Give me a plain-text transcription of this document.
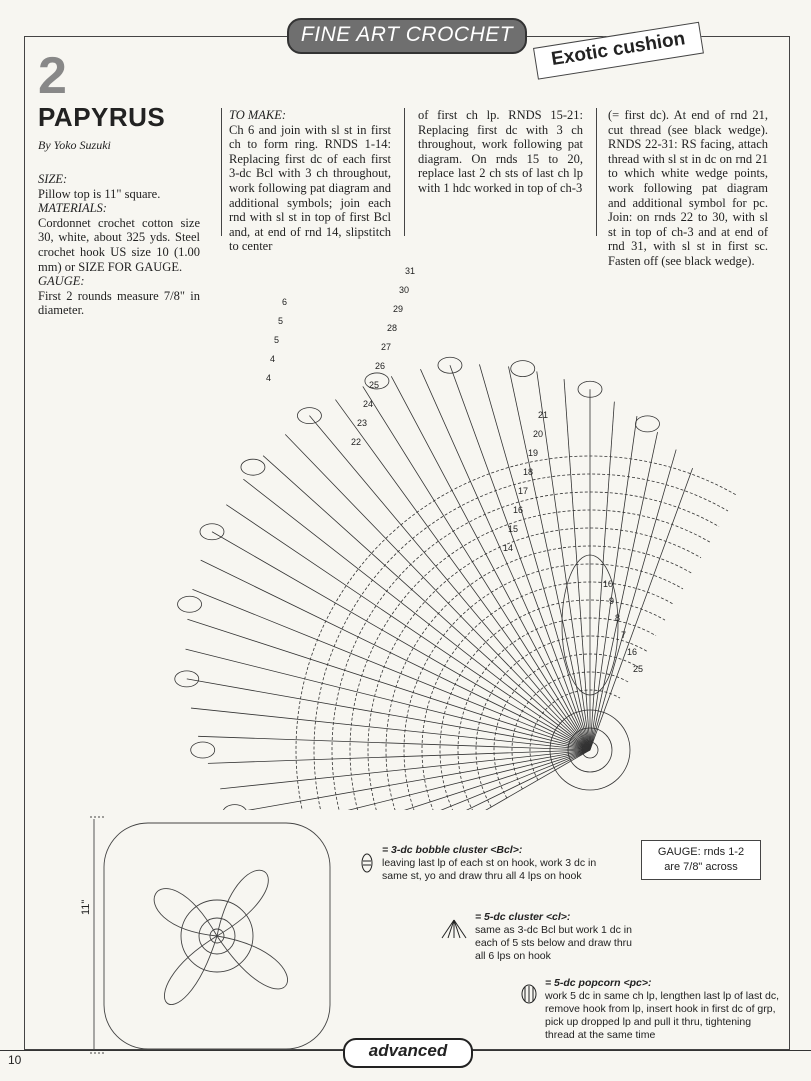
FINE ART CROCHET	Exotic cushion
2
PAPYRUS
By Yoko Suzuki
SIZE:
Pillow top is 11" square.
MATERIALS:
Cordonnet crochet cotton size 30, white, about 325 yds. Steel crochet hook US size 10 (1.00 mm) or SIZE FOR GAUGE.
GAUGE:
First 2 rounds measure 7/8" in diameter.
TO MAKE:
Ch 6 and join with sl st in first ch to form ring. RNDS 1-14: Replacing first dc of each first 3-dc Bcl with 3 ch throughout, work following pat diagram and additional symbols; join each rnd with sl st in top of first Bcl and, at end of rnd 14, slipstitch to center
of first ch lp. RNDS 15-21: Replacing first dc with 3 ch throughout, work following pat diagram. On rnds 15 to 20, replace last 2 ch sts of last ch lp with 1 hdc worked in top of ch-3
(= first dc). At end of rnd 21, cut thread (see black wedge). RNDS 22-31: RS facing, attach thread with sl st in dc on rnd 21 to which white wedge points, work following pat diagram and additional symbol for pc. Join: on rnds 22 to 30, with sl st in top of ch-3 and at end of rnd 31, with sl st in first sc. Fasten off (see black wedge).
31
30
29
28
27
26
25
24
23
22
21
20
19
18
17
16
15
14
10
9
8
7
16
25
6
5
5
4
4
11"
GAUGE: rnds 1-2
are 7/8" across
= 3-dc bobble cluster <Bcl>:
leaving last lp of each st on hook, work 3 dc in same st, yo and draw thru all 4 lps on hook
= 5-dc cluster <cl>:
same as 3-dc Bcl but work 1 dc in each of 5 sts below and draw thru all 6 lps on hook
= 5-dc popcorn <pc>:
work 5 dc in same ch lp, lengthen last lp of last dc, remove hook from lp, insert hook in first dc of grp, pick up dropped lp and pull it thru, tightening thread at the same time
10	advanced
